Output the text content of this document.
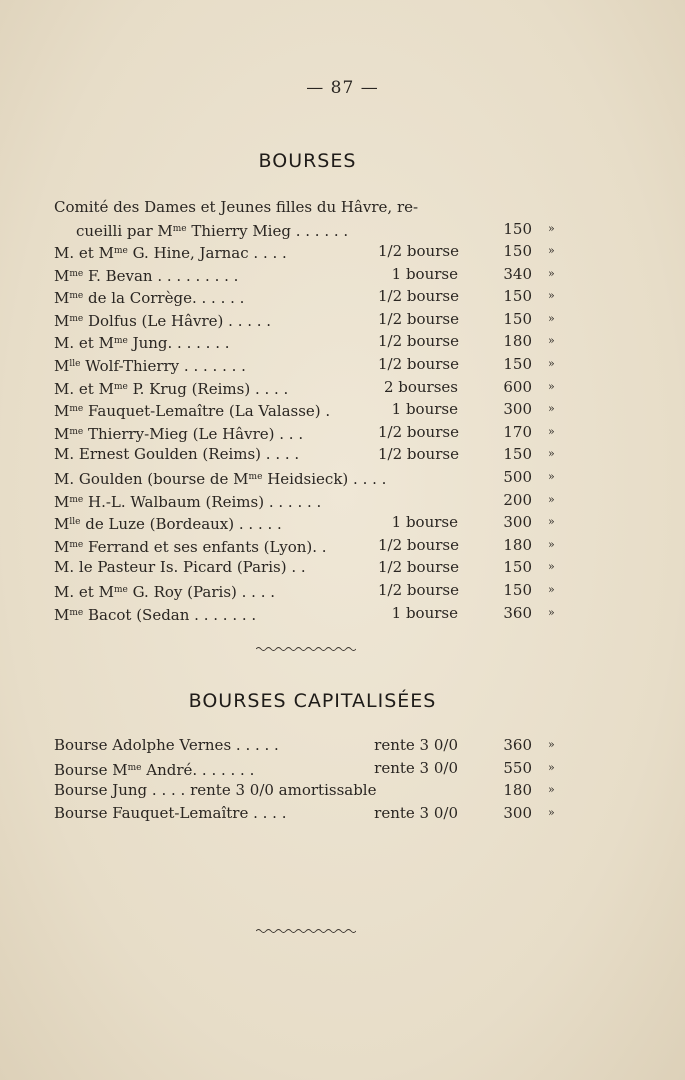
— 87 —
BOURSES
Comité des Dames et Jeunes filles du Hâvre, re-
cueilli par $M^{me}$ Thierry Mieg . . . . . .	150 »
M. et $M^{me}$ G. Hine, Jarnac . . . .	1/2 bourse	150 »
$M^{me}$ F. Bevan . . . . . . . . .	1 bourse	340 »
$M^{me}$ de la Corrège. . . . . .	1/2 bourse	150 »
$M^{me}$ Dolfus (Le Hâvre) . . . . .	1/2 bourse	150 »
M. et $M^{me}$ Jung. . . . . . .	1/2 bourse	180 »
$M^{lle}$ Wolf-Thierry . . . . . . .	1/2 bourse	150 »
M. et $M^{me}$ P. Krug (Reims) . . . .	2 bourses	600 »
$M^{me}$ Fauquet-Lemaître (La Valasse) .	1 bourse	300 »
$M^{me}$ Thierry-Mieg (Le Hâvre) . . .	1/2 bourse	170 »
M. Ernest Goulden (Reims) . . . .	1/2 bourse	150 »
M. Goulden (bourse de $M^{me}$ Heidsieck) . . . .	500 »
$M^{me}$ H.-L. Walbaum (Reims) . . . . . .	200 »
$M^{lle}$ de Luze (Bordeaux) . . . . .	1 bourse	300 »
$M^{me}$ Ferrand et ses enfants (Lyon). .	1/2 bourse	180 »
M. le Pasteur Is. Picard (Paris) . .	1/2 bourse	150 »
M. et $M^{me}$ G. Roy (Paris) . . . .	1/2 bourse	150 »
$M^{me}$ Bacot (Sedan . . . . . . .	1 bourse	360 »
BOURSES CAPITALISÉES
Bourse Adolphe Vernes . . . . .	rente 3 0/0	360 »
Bourse $M^{me}$ André. . . . . . .	rente 3 0/0	550 »
Bourse Jung . . . . rente 3 0/0 amortissable	180 »
Bourse Fauquet-Lemaître . . . .	rente 3 0/0	300 »
